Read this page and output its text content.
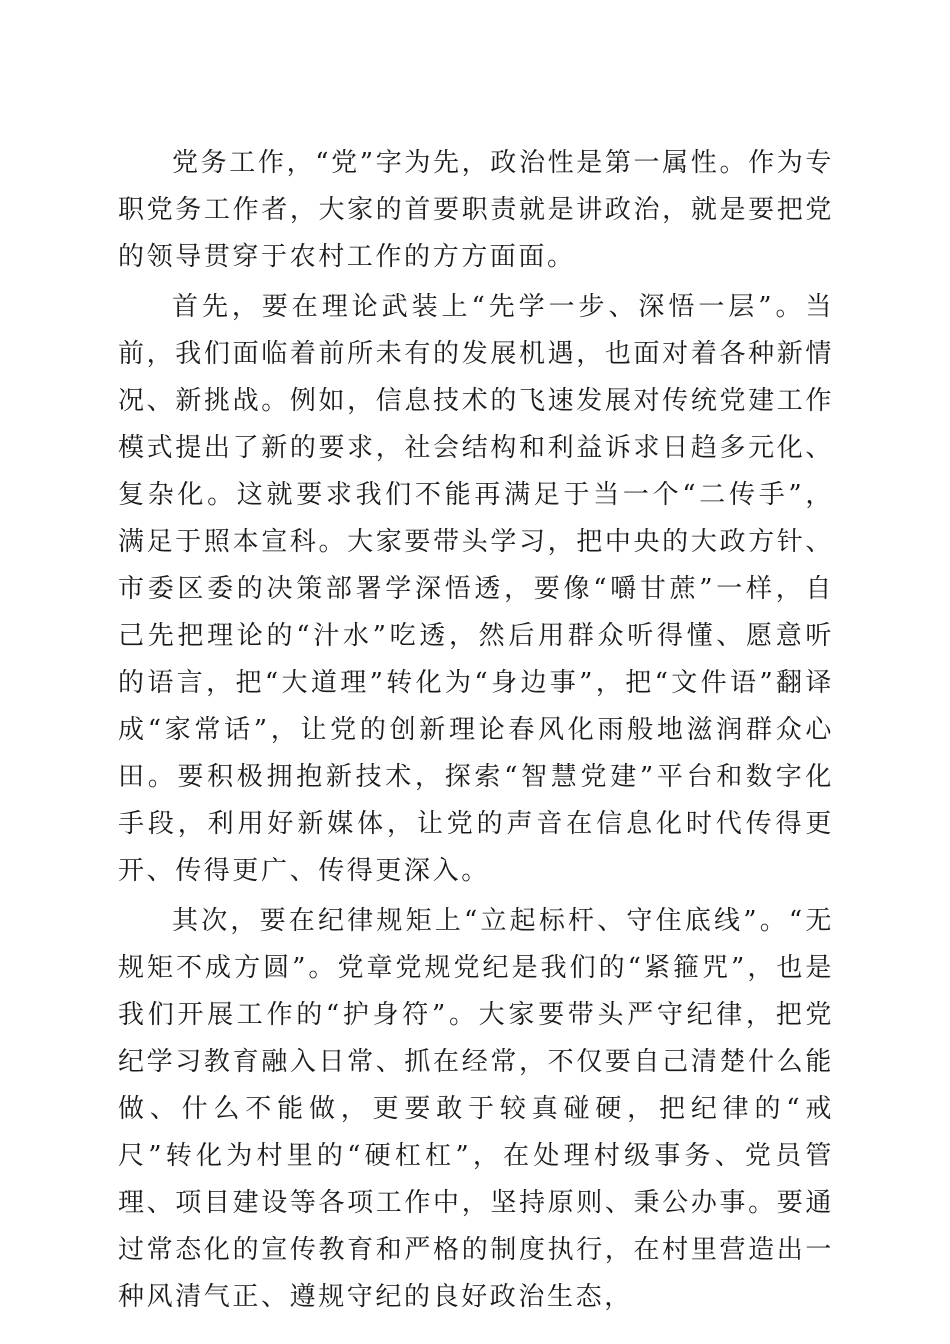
党务工作，“党”字为先，政治性是第一属性。作为专职党务工作者，大家的首要职责就是讲政治，就是要把党的领导贯穿于农村工作的方方面面。

首先，要在理论武装上“先学一步、深悟一层”。当前，我们面临着前所未有的发展机遇，也面对着各种新情况、新挑战。例如，信息技术的飞速发展对传统党建工作模式提出了新的要求，社会结构和利益诉求日趋多元化、复杂化。这就要求我们不能再满足于当一个“二传手”，满足于照本宣科。大家要带头学习，把中央的大政方针、市委区委的决策部署学深悟透，要像“嚼甘蔗”一样，自己先把理论的“汁水”吃透，然后用群众听得懂、愿意听的语言，把“大道理”转化为“身边事”，把“文件语”翻译成“家常话”，让党的创新理论春风化雨般地滋润群众心田。要积极拥抱新技术，探索“智慧党建”平台和数字化手段，利用好新媒体，让党的声音在信息化时代传得更开、传得更广、传得更深入。

其次，要在纪律规矩上“立起标杆、守住底线”。“无规矩不成方圆”。党章党规党纪是我们的“紧箍咒”，也是我们开展工作的“护身符”。大家要带头严守纪律，把党纪学习教育融入日常、抓在经常，不仅要自己清楚什么能做、什么不能做，更要敢于较真碰硬，把纪律的“戒尺”转化为村里的“硬杠杠”，在处理村级事务、党员管理、项目建设等各项工作中，坚持原则、秉公办事。要通过常态化的宣传教育和严格的制度执行，在村里营造出一种风清气正、遵规守纪的良好政治生态，
